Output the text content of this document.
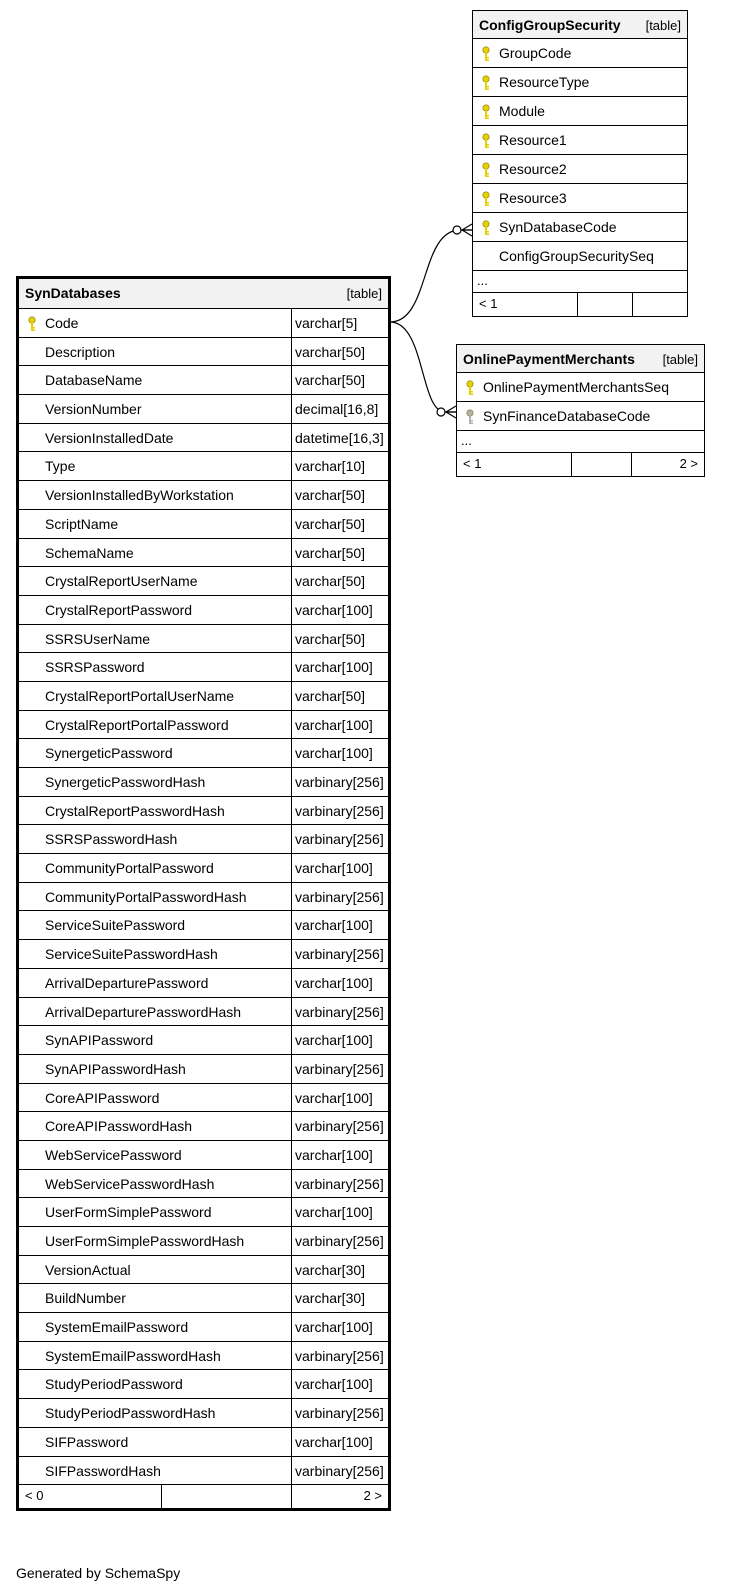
SynDatabases	[table]
Code	varchar[5]
Description	varchar[50]
DatabaseName	varchar[50]
VersionNumber	decimal[16,8]
VersionInstalledDate	datetime[16,3]
Type	varchar[10]
VersionInstalledByWorkstation	varchar[50]
ScriptName	varchar[50]
SchemaName	varchar[50]
CrystalReportUserName	varchar[50]
CrystalReportPassword	varchar[100]
SSRSUserName	varchar[50]
SSRSPassword	varchar[100]
CrystalReportPortalUserName	varchar[50]
CrystalReportPortalPassword	varchar[100]
SynergeticPassword	varchar[100]
SynergeticPasswordHash	varbinary[256]
CrystalReportPasswordHash	varbinary[256]
SSRSPasswordHash	varbinary[256]
CommunityPortalPassword	varchar[100]
CommunityPortalPasswordHash	varbinary[256]
ServiceSuitePassword	varchar[100]
ServiceSuitePasswordHash	varbinary[256]
ArrivalDeparturePassword	varchar[100]
ArrivalDeparturePasswordHash	varbinary[256]
SynAPIPassword	varchar[100]
SynAPIPasswordHash	varbinary[256]
CoreAPIPassword	varchar[100]
CoreAPIPasswordHash	varbinary[256]
WebServicePassword	varchar[100]
WebServicePasswordHash	varbinary[256]
UserFormSimplePassword	varchar[100]
UserFormSimplePasswordHash	varbinary[256]
VersionActual	varchar[30]
BuildNumber	varchar[30]
SystemEmailPassword	varchar[100]
SystemEmailPasswordHash	varbinary[256]
StudyPeriodPassword	varchar[100]
StudyPeriodPasswordHash	varbinary[256]
SIFPassword	varchar[100]
SIFPasswordHash	varbinary[256]
< 0	2 >
ConfigGroupSecurity [table]
GroupCode
ResourceType
Module
Resource1
Resource2
Resource3
SynDatabaseCode
ConfigGroupSecuritySeq
...
< 1
OnlinePaymentMerchants [table]
OnlinePaymentMerchantsSeq
SynFinanceDatabaseCode
...
< 1	2 >
Generated by SchemaSpy
